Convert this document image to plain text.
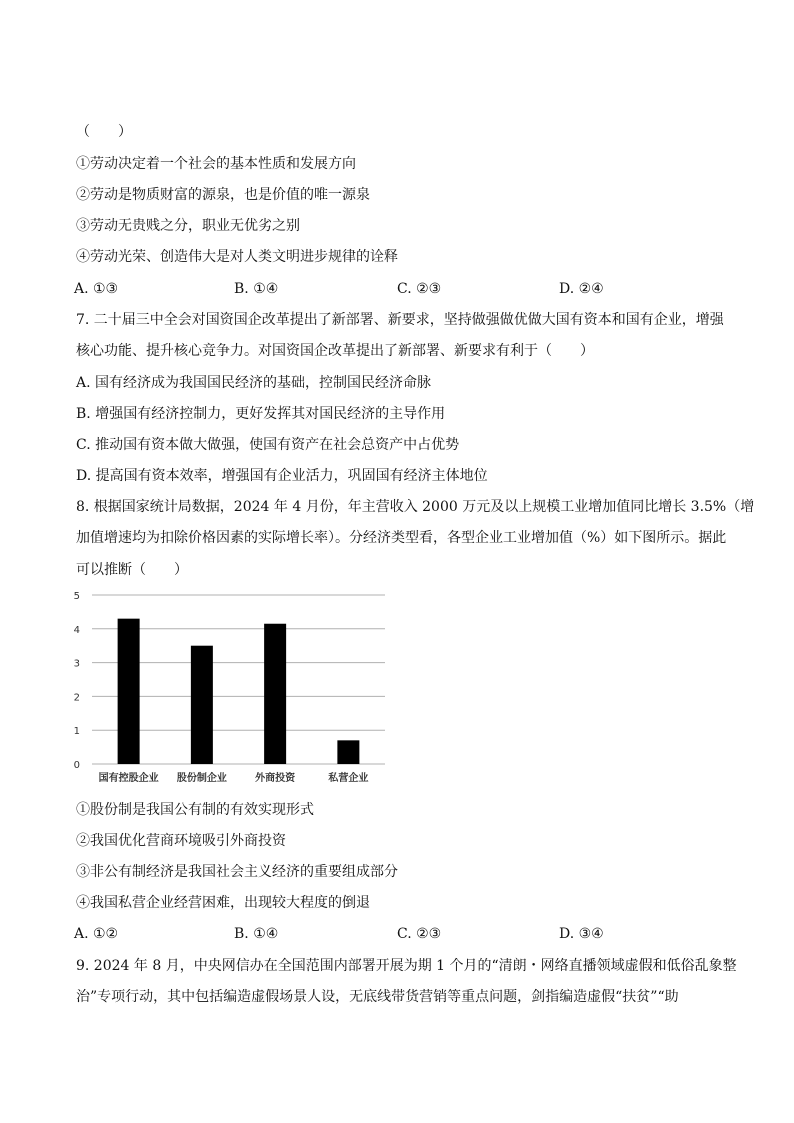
（　　）
①劳动决定着一个社会的基本性质和发展方向
②劳动是物质财富的源泉，也是价值的唯一源泉
③劳动无贵贱之分，职业无优劣之别
④劳动光荣、创造伟大是对人类文明进步规律的诠释
A. ①③	B. ①④	C. ②③	D. ②④
7. 二十届三中全会对国资国企改革提出了新部署、新要求，坚持做强做优做大国有资本和国有企业，增强
核心功能、提升核心竞争力。对国资国企改革提出了新部署、新要求有利于（　　）
A. 国有经济成为我国国民经济的基础，控制国民经济命脉
B. 增强国有经济控制力，更好发挥其对国民经济的主导作用
C. 推动国有资本做大做强，使国有资产在社会总资产中占优势
D. 提高国有资本效率，增强国有企业活力，巩固国有经济主体地位
8. 根据国家统计局数据，2024 年 4 月份，年主营收入 2000 万元及以上规模工业增加值同比增长 3.5%（增
加值增速均为扣除价格因素的实际增长率）。分经济类型看，各型企业工业增加值（%）如下图所示。据此
可以推断（　　）
0
1
2
3
4
5
国有控股企业 股份制企业	外商投资	私营企业
①股份制是我国公有制的有效实现形式
②我国优化营商环境吸引外商投资
③非公有制经济是我国社会主义经济的重要组成部分
④我国私营企业经营困难，出现较大程度的倒退
A. ①②	B. ①④	C. ②③	D. ③④
9. 2024 年 8 月，中央网信办在全国范围内部署开展为期 1 个月的“清朗・网络直播领域虚假和低俗乱象整
治”专项行动，其中包括编造虚假场景人设，无底线带货营销等重点问题，剑指编造虚假“扶贫”“助
